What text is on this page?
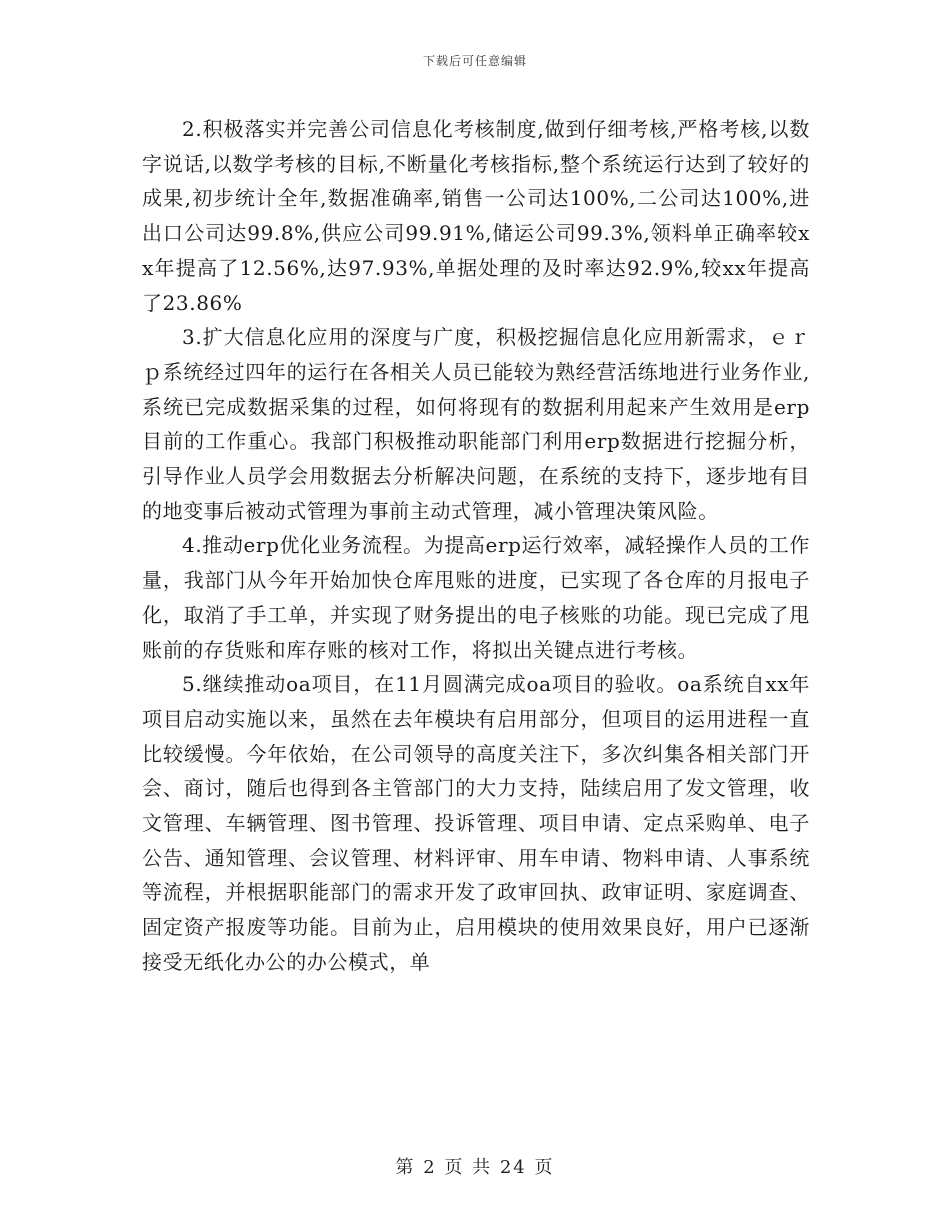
下载后可任意编辑

2.积极落实并完善公司信息化考核制度,做到仔细考核,严格考核,以数字说话,以数学考核的目标,不断量化考核指标,整个系统运行达到了较好的成果,初步统计全年,数据准确率,销售一公司达100%,二公司达100%,进出口公司达99.8%,供应公司99.91%,储运公司99.3%,领料单正确率较xx年提高了12.56%,达97.93%,单据处理的及时率达92.9%,较xx年提高了23.86%

3.扩大信息化应用的深度与广度，积极挖掘信息化应用新需求，ｅｒｐ系统经过四年的运行在各相关人员已能较为熟经营活练地进行业务作业,系统已完成数据采集的过程，如何将现有的数据利用起来产生效用是erp目前的工作重心。我部门积极推动职能部门利用erp数据进行挖掘分析，引导作业人员学会用数据去分析解决问题，在系统的支持下，逐步地有目的地变事后被动式管理为事前主动式管理，减小管理决策风险。

4.推动erp优化业务流程。为提高erp运行效率，减轻操作人员的工作量，我部门从今年开始加快仓库甩账的进度，已实现了各仓库的月报电子化，取消了手工单，并实现了财务提出的电子核账的功能。现已完成了甩账前的存货账和库存账的核对工作，将拟出关键点进行考核。

5.继续推动oa项目，在11月圆满完成oa项目的验收。oa系统自xx年项目启动实施以来，虽然在去年模块有启用部分，但项目的运用进程一直比较缓慢。今年依始，在公司领导的高度关注下，多次纠集各相关部门开会、商讨，随后也得到各主管部门的大力支持，陆续启用了发文管理，收文管理、车辆管理、图书管理、投诉管理、项目申请、定点采购单、电子公告、通知管理、会议管理、材料评审、用车申请、物料申请、人事系统等流程，并根据职能部门的需求开发了政审回执、政审证明、家庭调查、固定资产报废等功能。目前为止，启用模块的使用效果良好，用户已逐渐接受无纸化办公的办公模式，单

第 2 页 共 24 页
